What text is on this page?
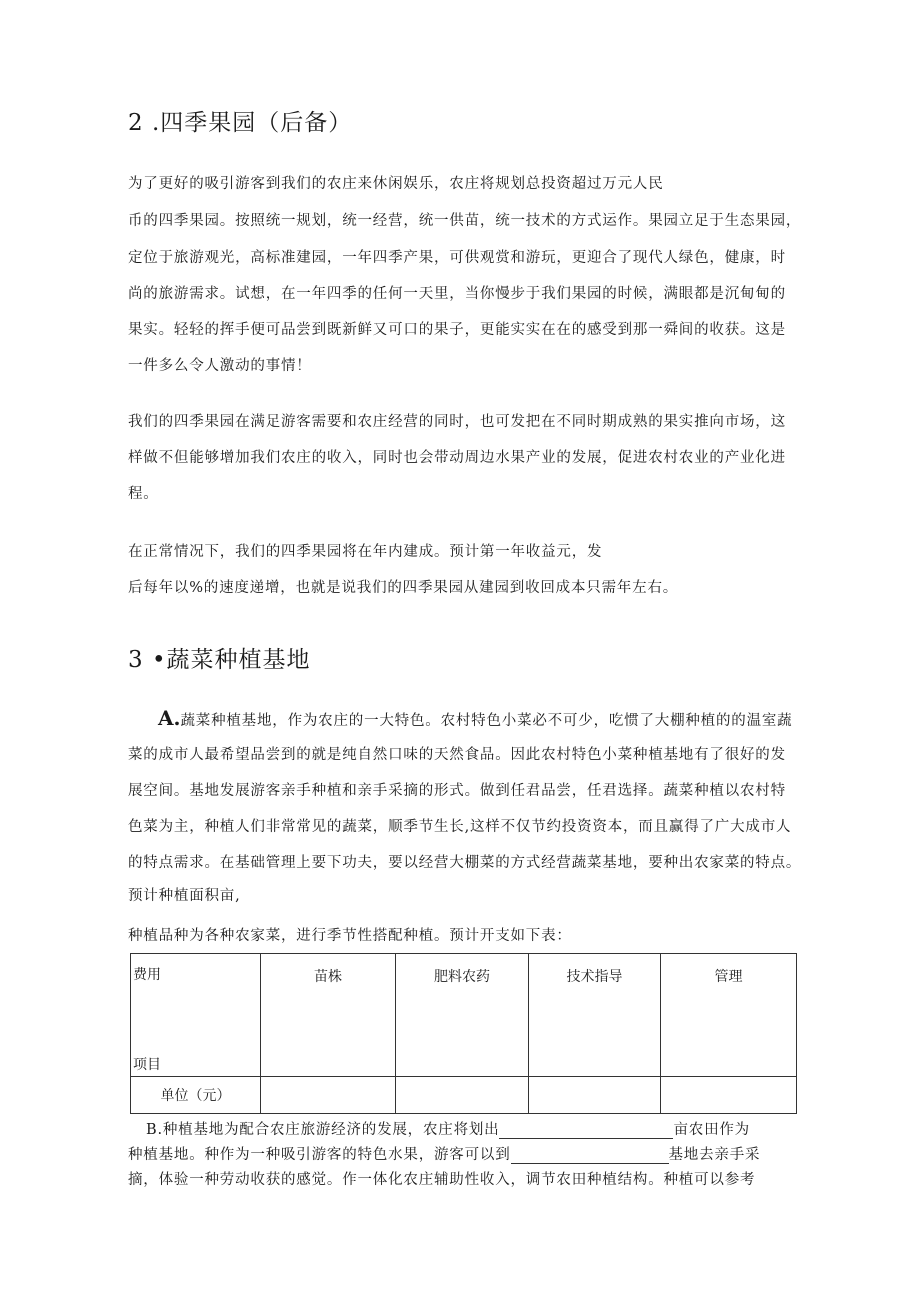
2 .四季果园（后备）
为了更好的吸引游客到我们的农庄来休闲娱乐，农庄将规划总投资超过万元人民
币的四季果园。按照统一规划，统一经营，统一供苗，统一技术的方式运作。果园立足于生态果园，
定位于旅游观光，高标准建园，一年四季产果，可供观赏和游玩，更迎合了现代人绿色，健康，时
尚的旅游需求。试想，在一年四季的任何一天里，当你慢步于我们果园的时候，满眼都是沉甸甸的
果实。轻轻的挥手便可品尝到既新鲜又可口的果子，更能实实在在的感受到那一舜间的收获。这是
一件多么令人激动的事情！
我们的四季果园在满足游客需要和农庄经营的同时，也可发把在不同时期成熟的果实推向市场，这
样做不但能够增加我们农庄的收入，同时也会带动周边水果产业的发展，促进农村农业的产业化进
程。
在正常情况下，我们的四季果园将在年内建成。预计第一年收益元，发
后每年以%的速度递增，也就是说我们的四季果园从建园到收回成本只需年左右。
3 •蔬菜种植基地
A.蔬菜种植基地，作为农庄的一大特色。农村特色小菜必不可少，吃惯了大棚种植的的温室蔬
菜的成市人最希望品尝到的就是纯自然口味的天然食品。因此农村特色小菜种植基地有了很好的发
展空间。基地发展游客亲手种植和亲手采摘的形式。做到任君品尝，任君选择。蔬菜种植以农村特
色菜为主，种植人们非常常见的蔬菜，顺季节生长,这样不仅节约投资资本，而且赢得了广大成市人
的特点需求。在基础管理上要下功夫，要以经营大棚菜的方式经营蔬菜基地，要种出农家菜的特点。
预计种植面积亩,
种植品种为各种农家菜，进行季节性搭配种植。预计开支如下表：
费用
项目	苗株	肥料农药	技术指导	管理

单位（元）				
B.种植基地为配合农庄旅游经济的发展，农庄将划出	亩农田作为
种植基地。种作为一种吸引游客的特色水果，游客可以到	基地去亲手采
摘，体验一种劳动收获的感觉。作一体化农庄辅助性收入，调节农田种植结构。种植可以参考
